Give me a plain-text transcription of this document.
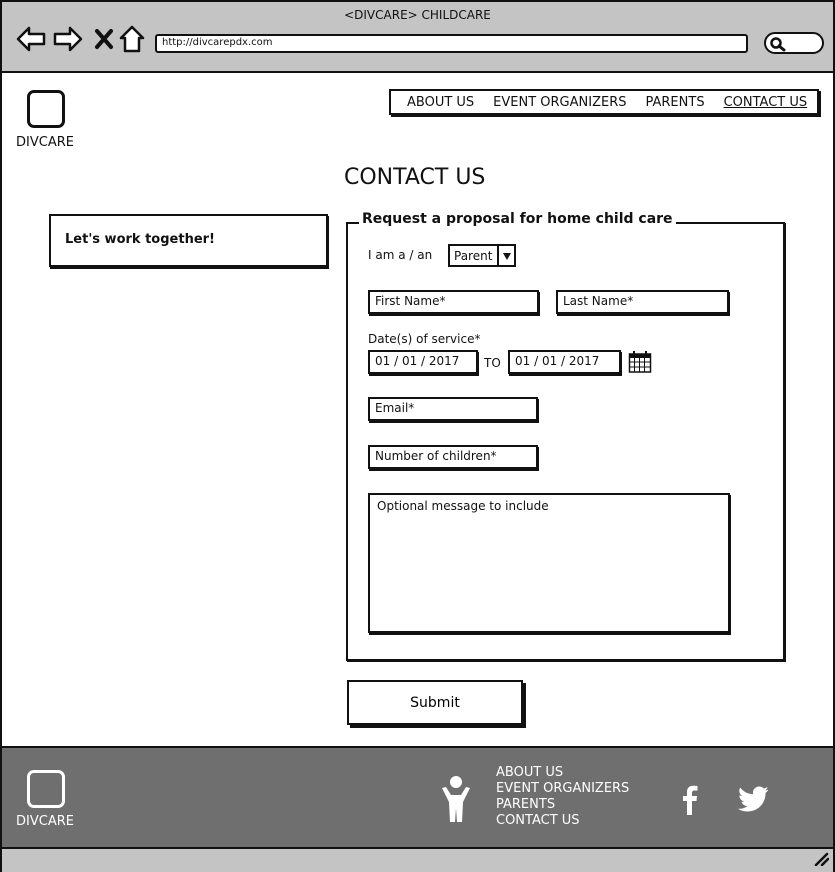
<DIVCARE> CHILDCARE
http://divcarepdx.com
DIVCARE
ABOUT US EVENT ORGANIZERS PARENTS CONTACT US
CONTACT US
Let's work together!
Request a proposal for home child care
I am a / an	Parent
First Name*	Last Name*
Date(s) of service*
01 / 01 / 2017	TO	01 / 01 / 2017
Email*
Number of children*
Optional message to include
Submit
DIVCARE
ABOUT US
EVENT ORGANIZERS
PARENTS
CONTACT US
